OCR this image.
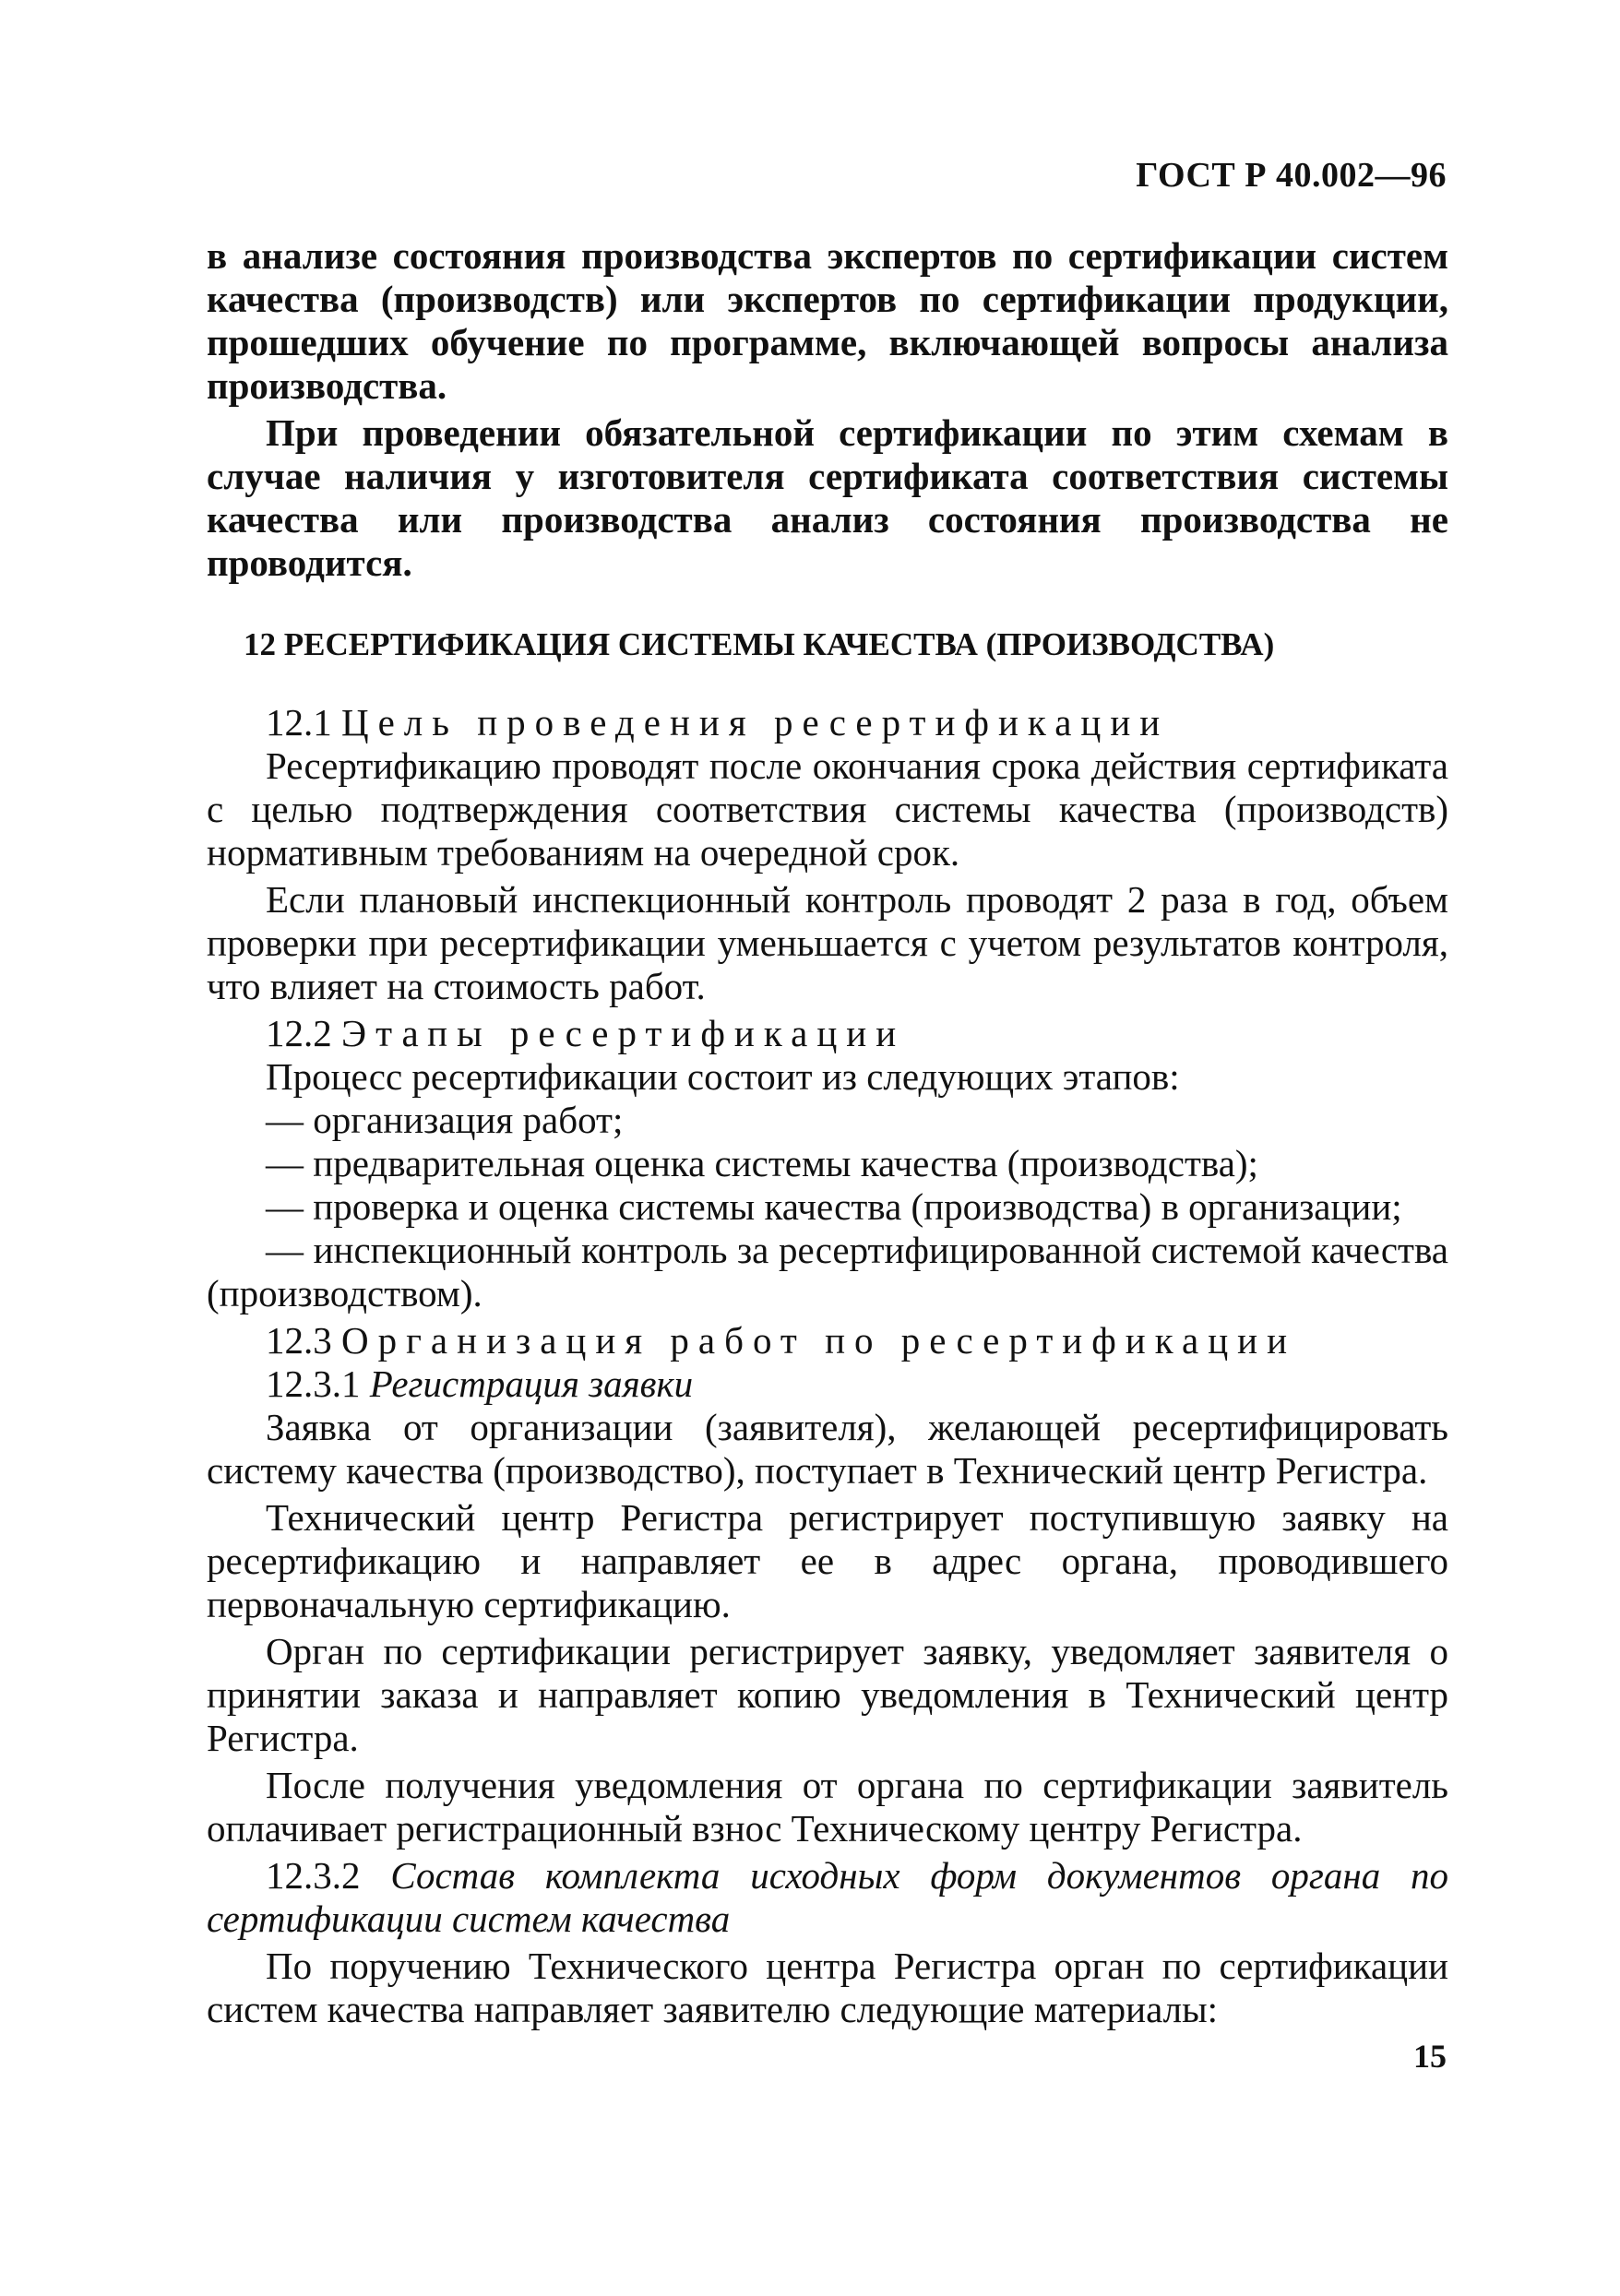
ГОСТ Р 40.002—96

в анализе состояния производства экспертов по сертификации систем качества (производств) или экспертов по сертификации продукции, прошедших обучение по программе, включающей вопросы анализа производства.

При проведении обязательной сертификации по этим схемам в случае наличия у изготовителя сертификата соответствия системы качества или производства анализ состояния производства не проводится.

12 РЕСЕРТИФИКАЦИЯ СИСТЕМЫ КАЧЕСТВА (ПРОИЗВОДСТВА)

12.1 Цель проведения ресертификации

Ресертификацию проводят после окончания срока действия сертификата с целью подтверждения соответствия системы качества (производств) нормативным требованиям на очередной срок.

Если плановый инспекционный контроль проводят 2 раза в год, объем проверки при ресертификации уменьшается с учетом результатов контроля, что влияет на стоимость работ.

12.2 Этапы ресертификации

Процесс ресертификации состоит из следующих этапов:

— организация работ;

— предварительная оценка системы качества (производства);

— проверка и оценка системы качества (производства) в организации;

— инспекционный контроль за ресертифицированной системой качества (производством).

12.3 Организация работ по ресертификации

12.3.1 Регистрация заявки

Заявка от организации (заявителя), желающей ресертифицировать систему качества (производство), поступает в Технический центр Регистра.

Технический центр Регистра регистрирует поступившую заявку на ресертификацию и направляет ее в адрес органа, проводившего первоначальную сертификацию.

Орган по сертификации регистрирует заявку, уведомляет заявителя о принятии заказа и направляет копию уведомления в Технический центр Регистра.

После получения уведомления от органа по сертификации заявитель оплачивает регистрационный взнос Техническому центру Регистра.

12.3.2 Состав комплекта исходных форм документов органа по сертификации систем качества

По поручению Технического центра Регистра орган по сертификации систем качества направляет заявителю следующие материалы:

15
